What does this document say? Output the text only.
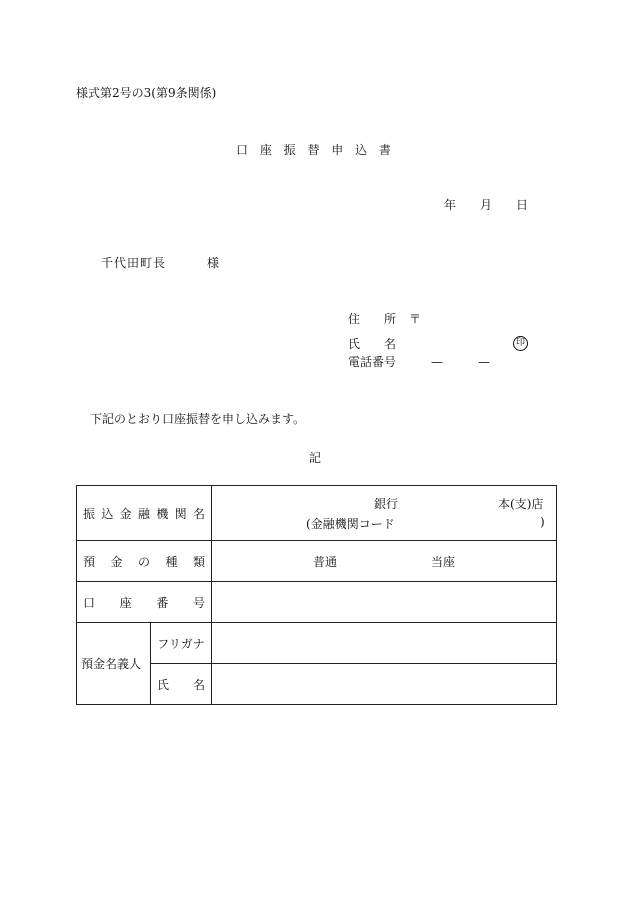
様式第2号の3(第9条関係)
口 座 振 替 申 込 書
年 月 日
千代田町長	様
住　　所 〒
氏　　名	印
電話番号	—	—
下記のとおり口座振替を申し込みます。
記
振込金融機関名		銀行 本(支)店
(金融機関コード )

預金の種類		普通 当座

口座番号		
預金名義人	フリガナ	
	氏　　名	
